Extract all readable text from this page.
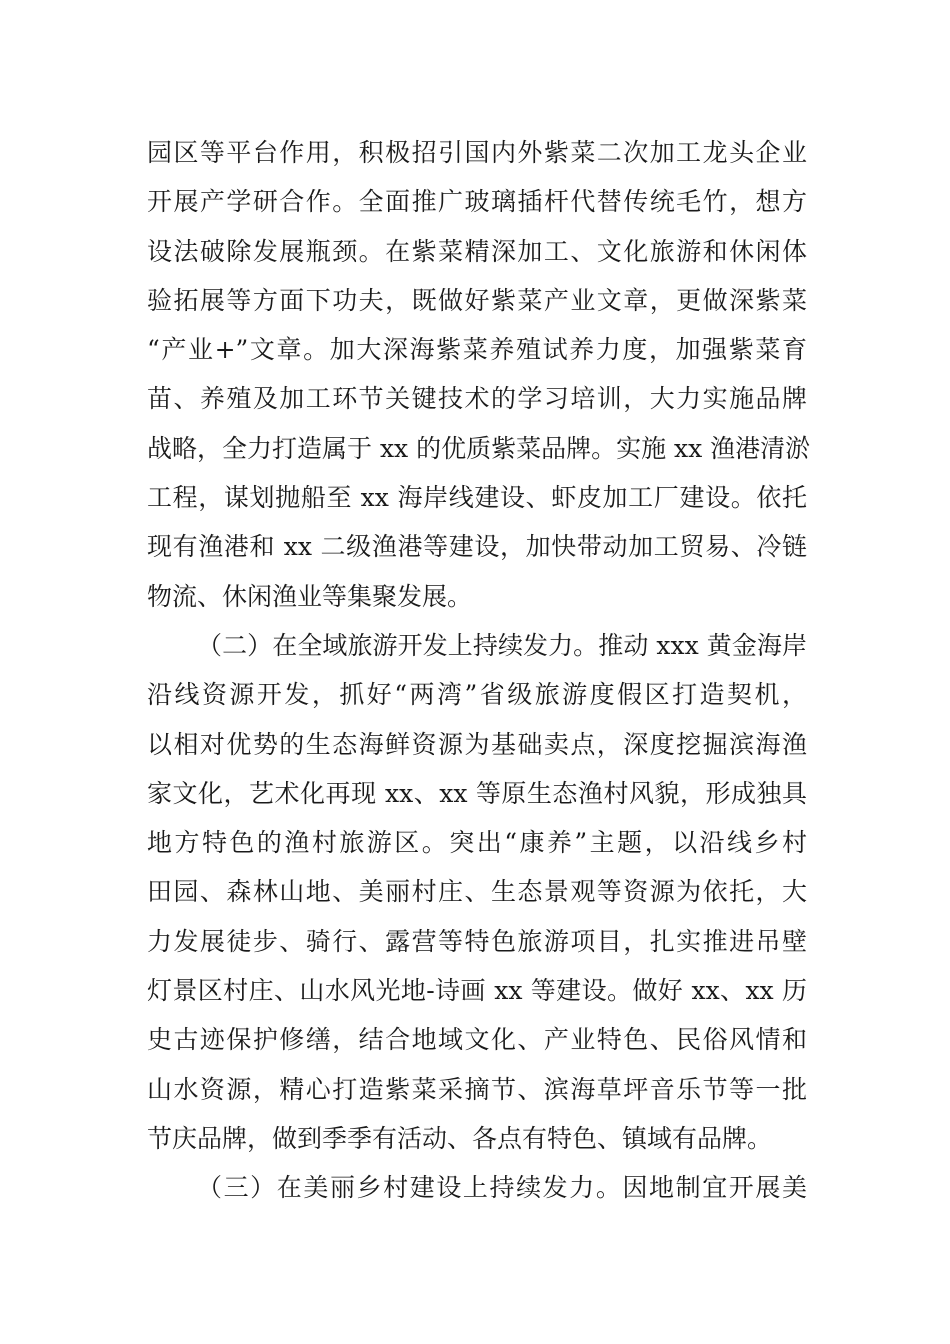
园区等平台作用，积极招引国内外紫菜二次加工龙头企业
开展产学研合作。全面推广玻璃插杆代替传统毛竹，想方
设法破除发展瓶颈。在紫菜精深加工、文化旅游和休闲体
验拓展等方面下功夫，既做好紫菜产业文章，更做深紫菜
“产业+”文章。加大深海紫菜养殖试养力度，加强紫菜育
苗、养殖及加工环节关键技术的学习培训，大力实施品牌
战略，全力打造属于 xx 的优质紫菜品牌。实施 xx 渔港清淤
工程，谋划抛船至 xx 海岸线建设、虾皮加工厂建设。依托
现有渔港和 xx 二级渔港等建设，加快带动加工贸易、冷链
物流、休闲渔业等集聚发展。
（二）在全域旅游开发上持续发力。推动 xxx 黄金海岸
沿线资源开发，抓好“两湾”省级旅游度假区打造契机，
以相对优势的生态海鲜资源为基础卖点，深度挖掘滨海渔
家文化，艺术化再现 xx、xx 等原生态渔村风貌，形成独具
地方特色的渔村旅游区。突出“康养”主题，以沿线乡村
田园、森林山地、美丽村庄、生态景观等资源为依托，大
力发展徒步、骑行、露营等特色旅游项目，扎实推进吊壁
灯景区村庄、山水风光地-诗画 xx 等建设。做好 xx、xx 历
史古迹保护修缮，结合地域文化、产业特色、民俗风情和
山水资源，精心打造紫菜采摘节、滨海草坪音乐节等一批
节庆品牌，做到季季有活动、各点有特色、镇域有品牌。
（三）在美丽乡村建设上持续发力。因地制宜开展美
